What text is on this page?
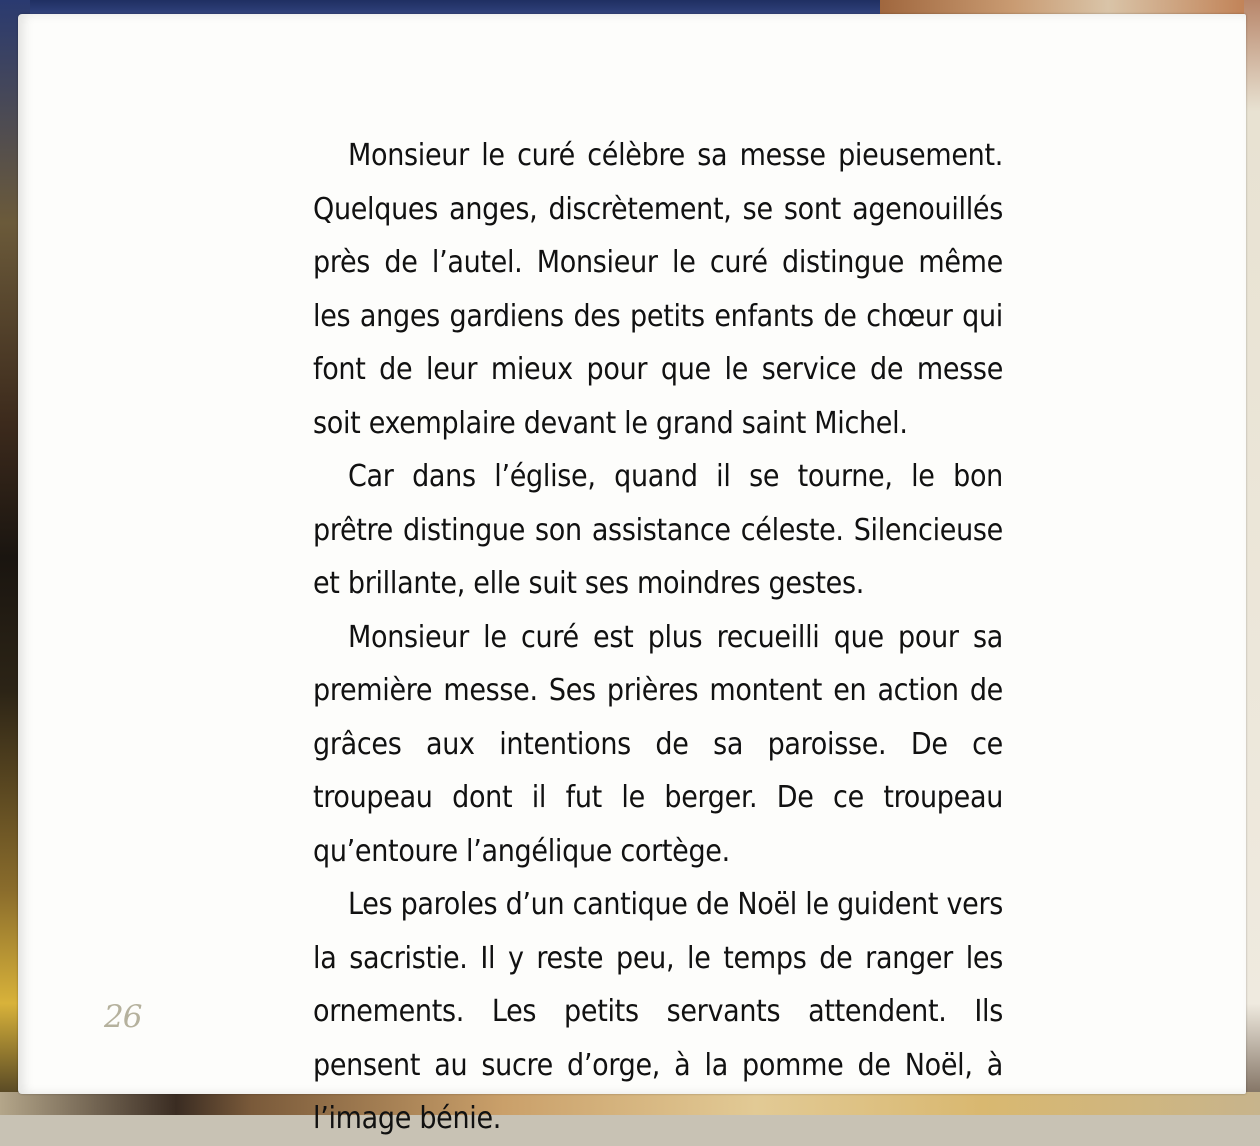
Monsieur le curé célèbre sa messe pieusement. Quelques anges, discrètement, se sont agenouillés près de l’autel. Monsieur le curé distingue même les anges gardiens des petits enfants de chœur qui font de leur mieux pour que le service de messe soit exemplaire devant le grand saint Michel.

Car dans l’église, quand il se tourne, le bon prêtre distingue son assistance céleste. Silencieuse et brillante, elle suit ses moindres gestes.

Monsieur le curé est plus recueilli que pour sa première messe. Ses prières montent en action de grâces aux intentions de sa paroisse. De ce troupeau dont il fut le berger. De ce troupeau qu’entoure l’angélique cortège.

Les paroles d’un cantique de Noël le guident vers la sacristie. Il y reste peu, le temps de ranger les ornements. Les petits servants attendent. Ils pensent au sucre d’orge, à la pomme de Noël, à l’image bénie.

26
